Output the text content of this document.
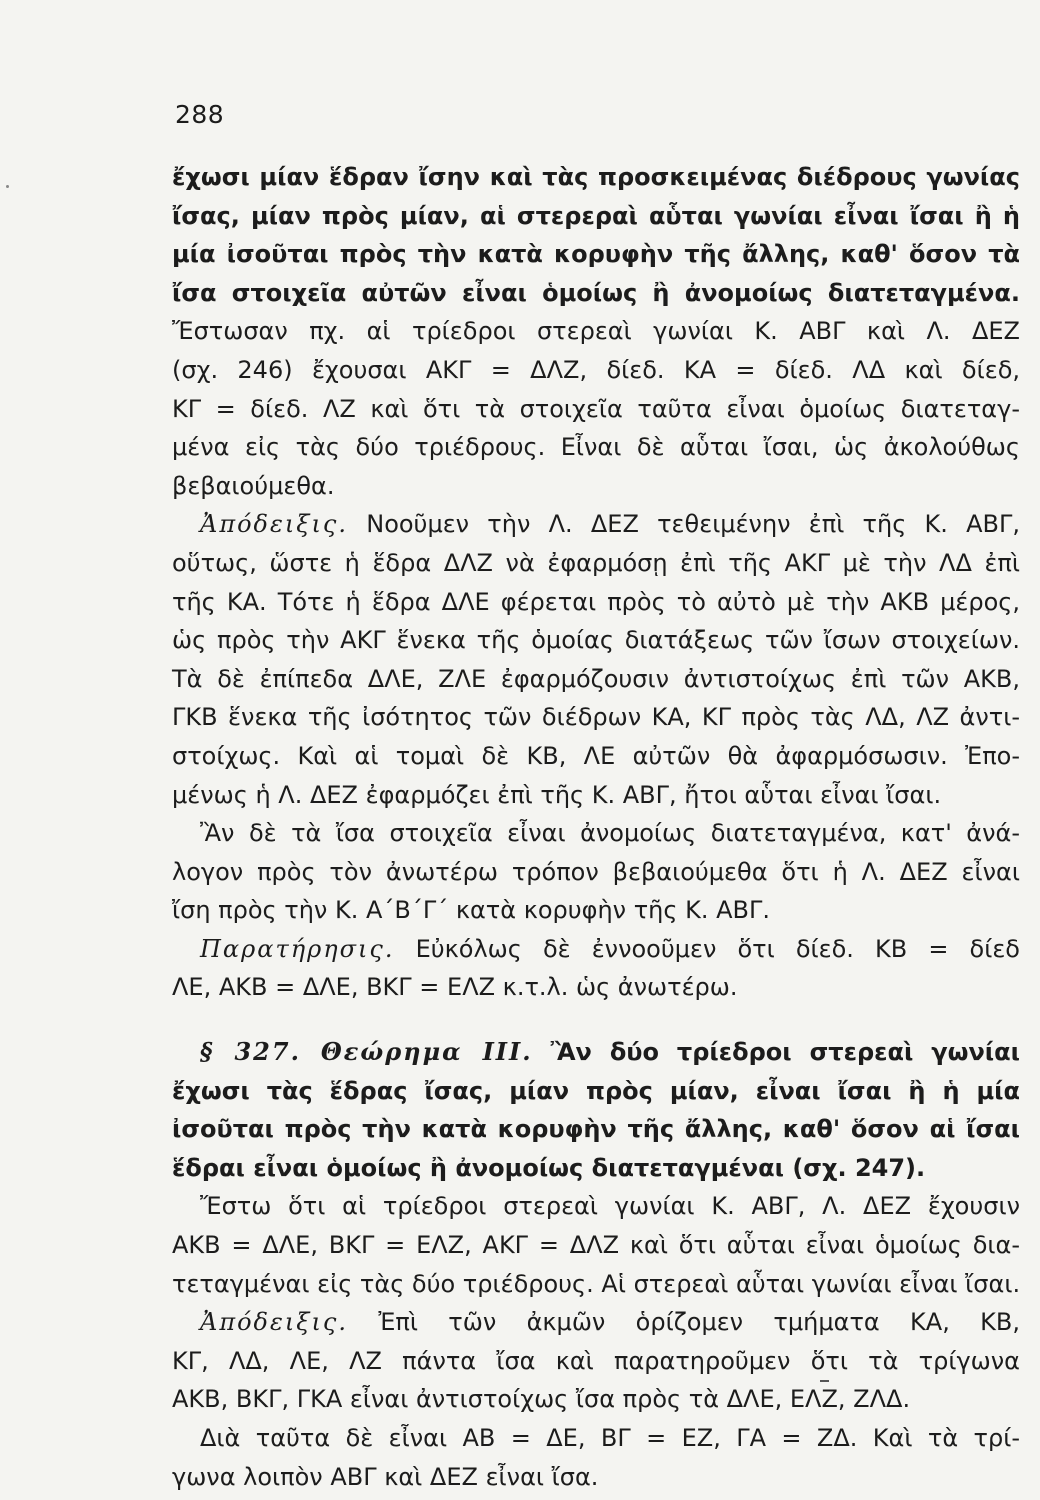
288
ἔχωσι μίαν ἕδραν ἴσην καὶ τὰς προσκειμένας διέδρους γωνίας
ἴσας, μίαν πρὸς μίαν, αἱ στερεραὶ αὗται γωνίαι εἶναι ἴσαι ἢ ἡ
μία ἰσοῦται πρὸς τὴν κατὰ κορυφὴν τῆς ἄλλης, καθ' ὅσον τὰ
ἴσα στοιχεῖα αὐτῶν εἶναι ὁμοίως ἢ ἀνομοίως διατεταγμένα.
Ἔστωσαν πχ. αἱ τρίεδροι στερεαὶ γωνίαι Κ. ΑΒΓ καὶ Λ. ΔΕΖ
(σχ. 246) ἔχουσαι ΑΚΓ = ΔΛΖ, δίεδ. ΚΑ = δίεδ. ΛΔ καὶ δίεδ,
ΚΓ = δίεδ. ΛΖ καὶ ὅτι τὰ στοιχεῖα ταῦτα εἶναι ὁμοίως διατεταγ-
μένα εἰς τὰς δύο τριέδρους. Εἶναι δὲ αὗται ἴσαι, ὡς ἀκολούθως
βεβαιούμεθα.
Ἀπόδειξις. Νοοῦμεν τὴν Λ. ΔΕΖ τεθειμένην ἐπὶ τῆς Κ. ΑΒΓ,
οὕτως, ὥστε ἡ ἕδρα ΔΛΖ νὰ ἐφαρμόσῃ ἐπὶ τῆς ΑΚΓ μὲ τὴν ΛΔ ἐπὶ
τῆς ΚΑ. Τότε ἡ ἕδρα ΔΛΕ φέρεται πρὸς τὸ αὐτὸ μὲ τὴν ΑΚΒ μέρος,
ὡς πρὸς τὴν ΑΚΓ ἕνεκα τῆς ὁμοίας διατάξεως τῶν ἴσων στοιχείων.
Τὰ δὲ ἐπίπεδα ΔΛΕ, ΖΛΕ ἐφαρμόζουσιν ἀντιστοίχως ἐπὶ τῶν ΑΚΒ,
ΓΚΒ ἕνεκα τῆς ἰσότητος τῶν διέδρων ΚΑ, ΚΓ πρὸς τὰς ΛΔ, ΛΖ ἀντι-
στοίχως. Καὶ αἱ τομαὶ δὲ ΚΒ, ΛΕ αὐτῶν θὰ ἀφαρμόσωσιν. Ἐπο-
μένως ἡ Λ. ΔΕΖ ἐφαρμόζει ἐπὶ τῆς Κ. ΑΒΓ, ἤτοι αὗται εἶναι ἴσαι.
Ἂν δὲ τὰ ἴσα στοιχεῖα εἶναι ἀνομοίως διατεταγμένα, κατ' ἀνά-
λογον πρὸς τὸν ἀνωτέρω τρόπον βεβαιούμεθα ὅτι ἡ Λ. ΔΕΖ εἶναι
ἴση πρὸς τὴν Κ. Α΄Β΄Γ΄ κατὰ κορυφὴν τῆς Κ. ΑΒΓ.
Παρατήρησις. Εὐκόλως δὲ ἐννοοῦμεν ὅτι δίεδ. ΚΒ = δίεδ
ΛΕ, ΑΚΒ = ΔΛΕ, ΒΚΓ = ΕΛΖ κ.τ.λ. ὡς ἀνωτέρω.
§ 327. Θεώρημα ΙΙΙ. Ἂν δύο τρίεδροι στερεαὶ γωνίαι
ἔχωσι τὰς ἕδρας ἴσας, μίαν πρὸς μίαν, εἶναι ἴσαι ἢ ἡ μία
ἰσοῦται πρὸς τὴν κατὰ κορυφὴν τῆς ἄλλης, καθ' ὅσον αἱ ἴσαι
ἕδραι εἶναι ὁμοίως ἢ ἀνομοίως διατεταγμέναι (σχ. 247).
Ἔστω ὅτι αἱ τρίεδροι στερεαὶ γωνίαι Κ. ΑΒΓ, Λ. ΔΕΖ ἔχουσιν
ΑΚΒ = ΔΛΕ, ΒΚΓ = ΕΛΖ, ΑΚΓ = ΔΛΖ καὶ ὅτι αὗται εἶναι ὁμοίως δια-
τεταγμέναι εἰς τὰς δύο τριέδρους. Αἱ στερεαὶ αὗται γωνίαι εἶναι ἴσαι.
Ἀπόδειξις. Ἐπὶ τῶν ἀκμῶν ὁρίζομεν τμήματα ΚΑ, ΚΒ,
ΚΓ, ΛΔ, ΛΕ, ΛΖ πάντα ἴσα καὶ παρατηροῦμεν ὅτι τὰ τρίγωνα
ΑΚΒ, ΒΚΓ, ΓΚΑ εἶναι ἀντιστοίχως ἴσα πρὸς τὰ ΔΛΕ, ΕΛΖ, ΖΛΔ.
Διὰ ταῦτα δὲ εἶναι ΑΒ = ΔΕ, ΒΓ = ΕΖ, ΓΑ = ΖΔ. Καὶ τὰ τρί-
γωνα λοιπὸν ΑΒΓ καὶ ΔΕΖ εἶναι ἴσα.
